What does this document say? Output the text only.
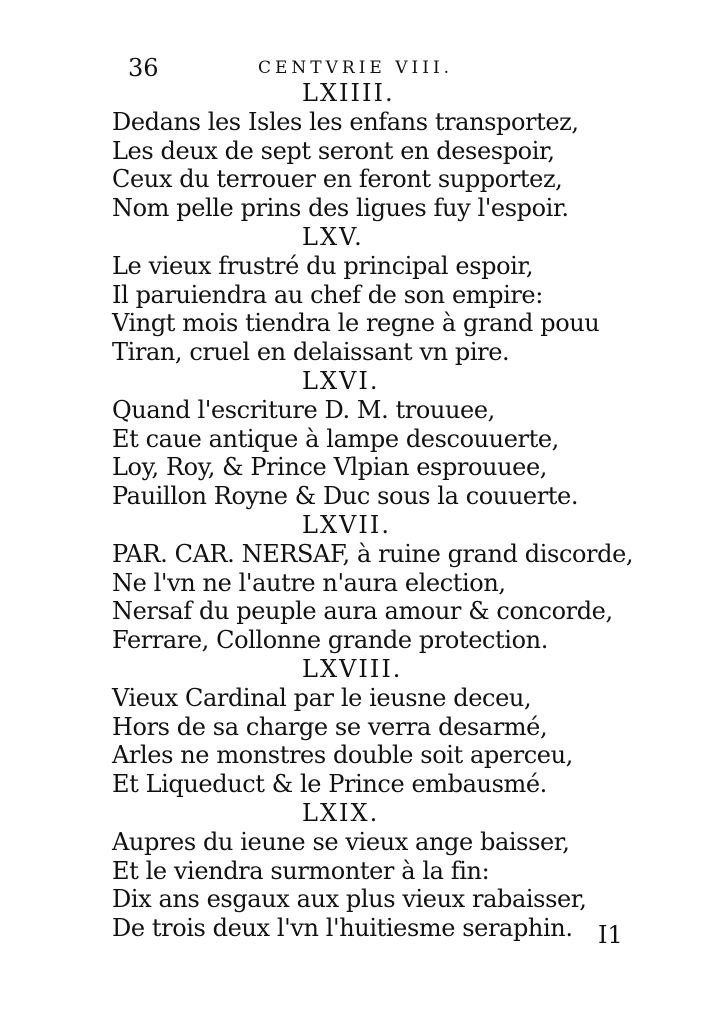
36	CENTVRIE VIII.
LXIIII.
Dedans les Isles les enfans transportez,
Les deux de sept seront en desespoir,
Ceux du terrouer en feront supportez,
Nom pelle prins des ligues fuy l'espoir.
LXV.
Le vieux frustré du principal espoir,
Il paruiendra au chef de son empire:
Vingt mois tiendra le regne à grand pouu
Tiran, cruel en delaissant vn pire.
LXVI.
Quand l'escriture D. M. trouuee,
Et caue antique à lampe descouuerte,
Loy, Roy, & Prince Vlpian esprouuee,
Pauillon Royne & Duc sous la couuerte.
LXVII.
PAR. CAR. NERSAF, à ruine grand discorde,
Ne l'vn ne l'autre n'aura election,
Nersaf du peuple aura amour & concorde,
Ferrare, Collonne grande protection.
LXVIII.
Vieux Cardinal par le ieusne deceu,
Hors de sa charge se verra desarmé,
Arles ne monstres double soit aperceu,
Et Liqueduct & le Prince embausmé.
LXIX.
Aupres du ieune se vieux ange baisser,
Et le viendra surmonter à la fin:
Dix ans esgaux aux plus vieux rabaisser,
De trois deux l'vn l'huitiesme seraphin.	I1
